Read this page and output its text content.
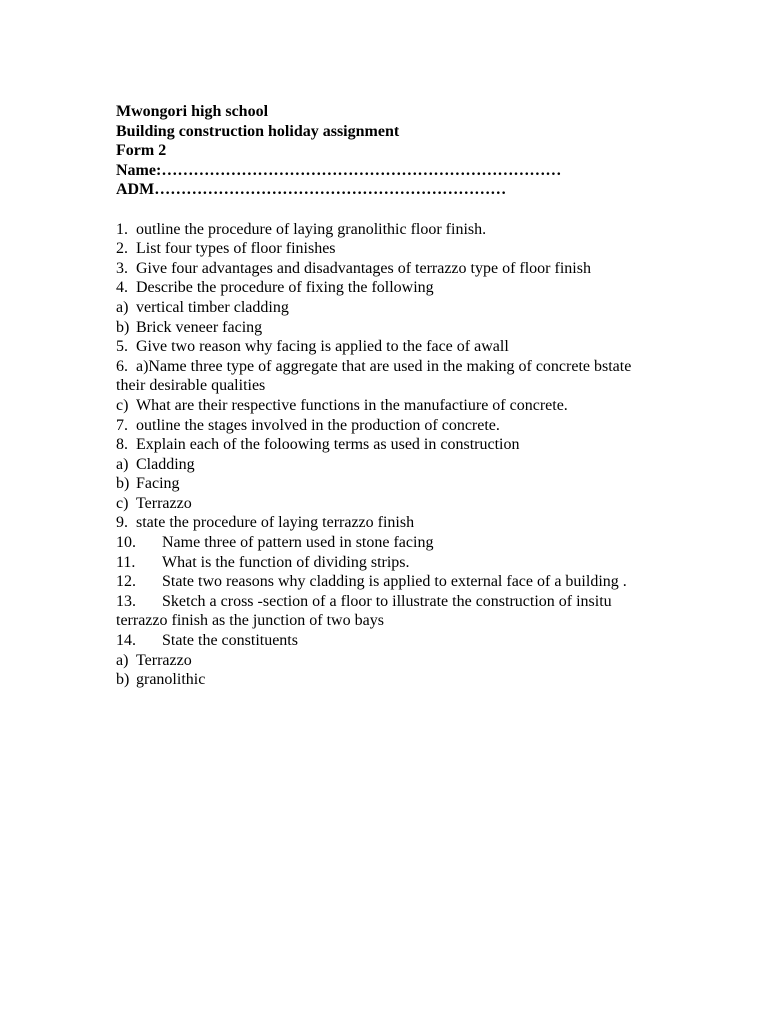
Mwongori high school
Building construction holiday assignment
Form 2
Name:…………………………………………………………………
ADM…………………………………………………………
1. outline the procedure of laying granolithic floor finish.
2. List four types of floor finishes
3. Give four advantages and disadvantages of terrazzo type of floor finish
4. Describe the procedure of fixing the following
a) vertical timber cladding
b) Brick veneer facing
5. Give two reason why facing is applied to the face of awall
6. a)Name three type of aggregate that are used in the making of concrete bstate their desirable qualities
c) What are their respective functions in the manufactiure of concrete.
7. outline the stages involved in the production of concrete.
8. Explain each of the foloowing terms as used in construction
a) Cladding
b) Facing
c) Terrazzo
9. state the procedure of laying terrazzo finish
10. Name three of pattern used in stone facing
11. What is the function of dividing strips.
12. State two reasons why cladding is applied to external face of a building .
13. Sketch a cross -section of a floor to illustrate the construction of insitu terrazzo finish as the junction of two bays
14. State the constituents
a) Terrazzo
b) granolithic
